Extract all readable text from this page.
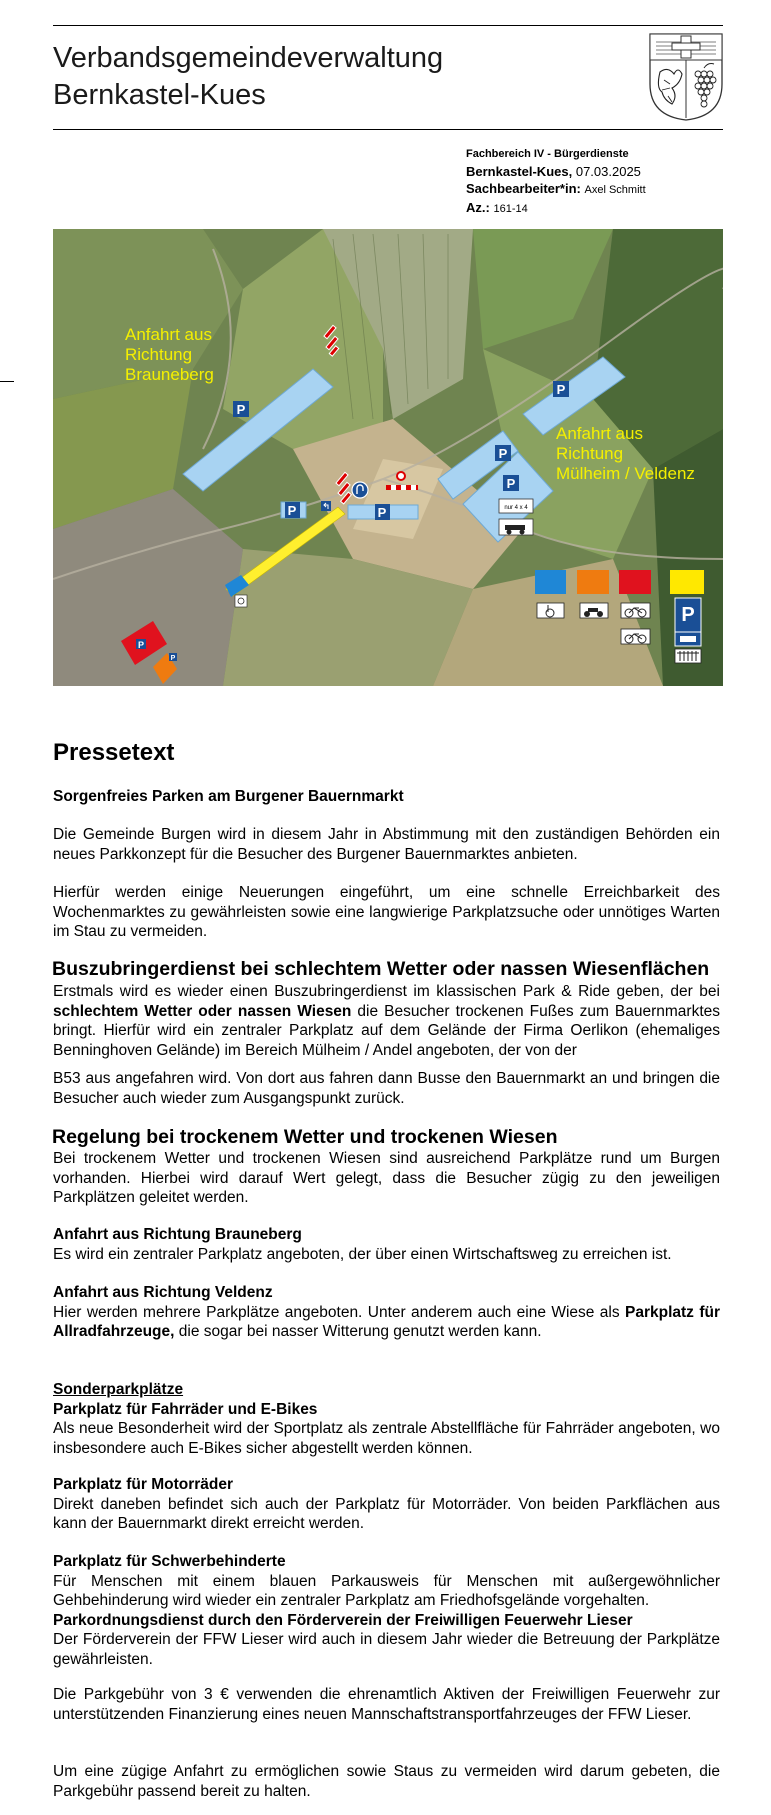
Verbandsgemeindeverwaltung
Bernkastel-Kues
Fachbereich IV - Bürgerdienste
Bernkastel-Kues, 07.03.2025
Sachbearbeiter*in: Axel Schmitt
Az.: 161-14
P
P
P
P
P	P
P
P
nur 4 x 4
Anfahrt aus
Richtung
Brauneberg
Anfahrt aus
Richtung
Mülheim / Veldenz
P
Pressetext
Sorgenfreies Parken am Burgener Bauernmarkt
Die Gemeinde Burgen wird in diesem Jahr in Abstimmung mit den zuständigen Behörden ein neues Parkkonzept für die Besucher des Burgener Bauernmarktes anbieten.
Hierfür werden einige Neuerungen eingeführt, um eine schnelle Erreichbarkeit des Wochenmarktes zu gewährleisten sowie eine langwierige Parkplatzsuche oder unnötiges Warten im Stau zu vermeiden.
Buszubringerdienst bei schlechtem Wetter oder nassen Wiesenflächen
Erstmals wird es wieder einen Buszubringerdienst im klassischen Park & Ride geben, der bei schlechtem Wetter oder nassen Wiesen die Besucher trockenen Fußes zum Bauernmarktes bringt. Hierfür wird ein zentraler Parkplatz auf dem Gelände der Firma Oerlikon (ehemaliges Benninghoven Gelände) im Bereich Mülheim / Andel angeboten, der von der
B53 aus angefahren wird. Von dort aus fahren dann Busse den Bauernmarkt an und bringen die Besucher auch wieder zum Ausgangspunkt zurück.
Regelung bei trockenem Wetter und trockenen Wiesen
Bei trockenem Wetter und trockenen Wiesen sind ausreichend Parkplätze rund um Burgen vorhanden. Hierbei wird darauf Wert gelegt, dass die Besucher zügig zu den jeweiligen Parkplätzen geleitet werden.
Anfahrt aus Richtung Brauneberg
Es wird ein zentraler Parkplatz angeboten, der über einen Wirtschaftsweg zu erreichen ist.
Anfahrt aus Richtung Veldenz
Hier werden mehrere Parkplätze angeboten. Unter anderem auch eine Wiese als Parkplatz für Allradfahrzeuge, die sogar bei nasser Witterung genutzt werden kann.
Sonderparkplätze
Parkplatz für Fahrräder und E-Bikes
Als neue Besonderheit wird der Sportplatz als zentrale Abstellfläche für Fahrräder angeboten, wo insbesondere auch E-Bikes sicher abgestellt werden können.
Parkplatz für Motorräder
Direkt daneben befindet sich auch der Parkplatz für Motorräder. Von beiden Parkflächen aus kann der Bauernmarkt direkt erreicht werden.
Parkplatz für Schwerbehinderte
Für Menschen mit einem blauen Parkausweis für Menschen mit außergewöhnlicher Gehbehinderung wird wieder ein zentraler Parkplatz am Friedhofsgelände vorgehalten.
Parkordnungsdienst durch den Förderverein der Freiwilligen Feuerwehr Lieser
Der Förderverein der FFW Lieser wird auch in diesem Jahr wieder die Betreuung der Parkplätze gewährleisten.
Die Parkgebühr von 3 € verwenden die ehrenamtlich Aktiven der Freiwilligen Feuerwehr zur unterstützenden Finanzierung eines neuen Mannschaftstransportfahrzeuges der FFW Lieser.
Um eine zügige Anfahrt zu ermöglichen sowie Staus zu vermeiden wird darum gebeten, die Parkgebühr passend bereit zu halten.
